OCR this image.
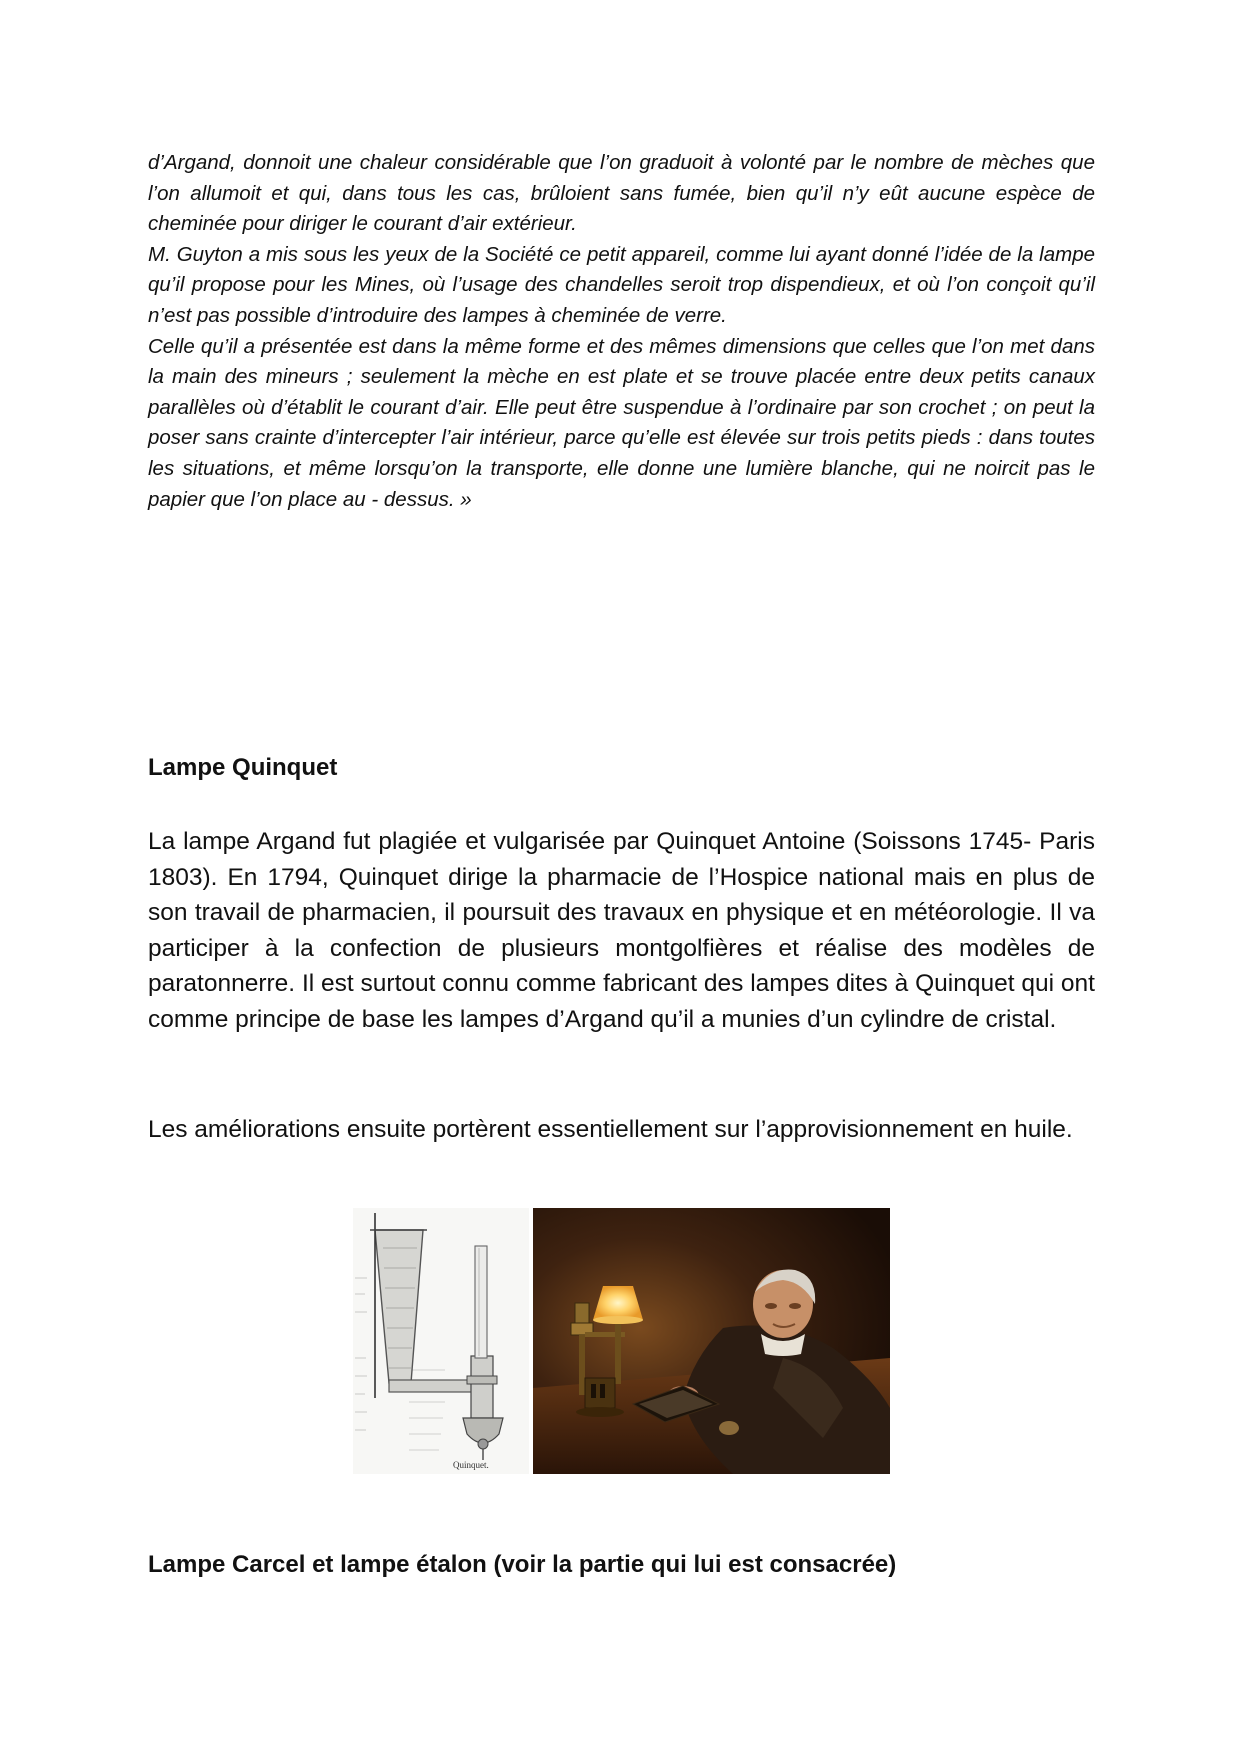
d’Argand, donnoit une chaleur considérable que l’on graduoit à volonté par le nombre de mèches que l’on allumoit et qui, dans tous les cas, brûloient sans fumée, bien qu’il n’y eût aucune espèce de cheminée pour diriger le courant d’air extérieur.

M. Guyton a mis sous les yeux de la Société ce petit appareil, comme lui ayant donné l’idée de la lampe qu’il propose pour les Mines, où l’usage des chandelles seroit trop dispendieux, et où l’on conçoit qu’il n’est pas possible d’introduire des lampes à cheminée de verre.

Celle qu’il a présentée est dans la même forme et des mêmes dimensions que celles que l’on met dans la main des mineurs ; seulement la mèche en est plate et se trouve placée entre deux petits canaux parallèles où d’établit le courant d’air. Elle peut être suspendue à l’ordinaire par son crochet ; on peut la poser sans crainte d’intercepter l’air intérieur, parce qu’elle est élevée sur trois petits pieds : dans toutes les situations, et même lorsqu’on la transporte, elle donne une lumière blanche, qui ne noircit pas le papier que l’on place au - dessus. »

Lampe Quinquet

La lampe Argand fut plagiée et vulgarisée par Quinquet Antoine (Soissons 1745- Paris 1803). En 1794, Quinquet dirige la pharmacie de l’Hospice national mais en plus de son travail de pharmacien, il poursuit des travaux en physique et en météorologie. Il va participer à la confection de plusieurs montgolfières et réalise des modèles de paratonnerre. Il est surtout connu comme fabricant des lampes dites à Quinquet qui ont comme principe de base les lampes d’Argand qu’il a munies d’un cylindre de cristal.

Les améliorations ensuite portèrent essentiellement sur l’approvisionnement en huile.

Quinquet.
Lampe Carcel et lampe étalon (voir la partie qui lui est consacrée)
